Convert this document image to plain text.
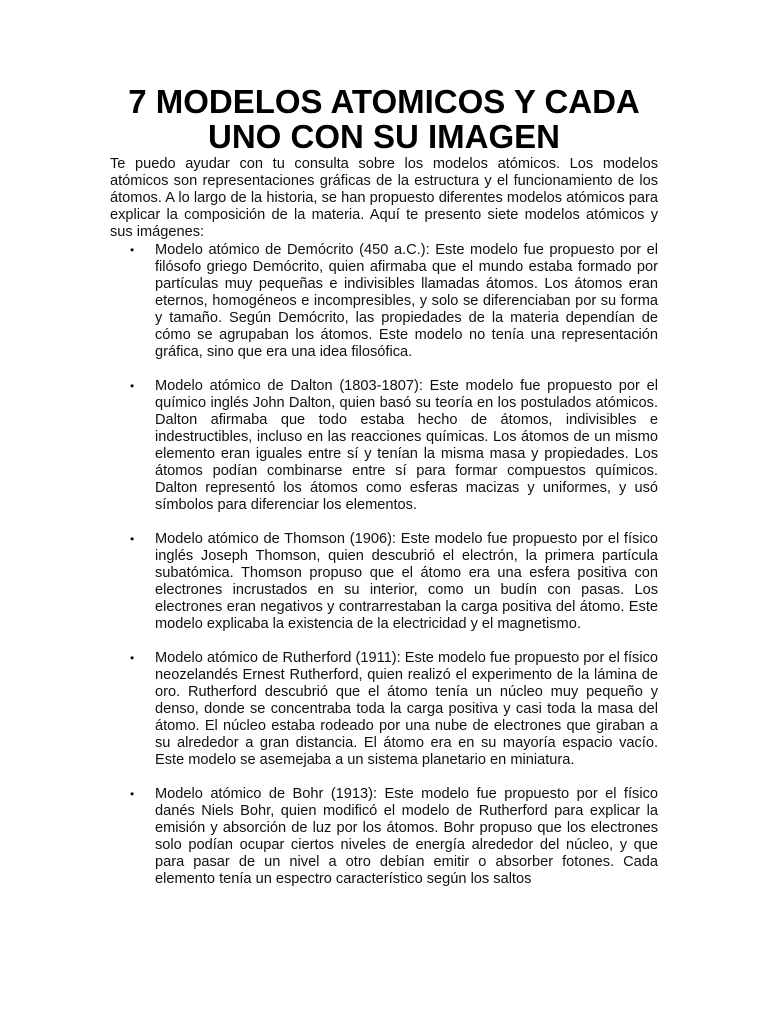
7 MODELOS ATOMICOS Y CADA
UNO CON SU IMAGEN

Te puedo ayudar con tu consulta sobre los modelos atómicos. Los modelos atómicos son representaciones gráficas de la estructura y el funcionamiento de los átomos. A lo largo de la historia, se han propuesto diferentes modelos atómicos para explicar la composición de la materia. Aquí te presento siete modelos atómicos y sus imágenes:

• Modelo atómico de Demócrito (450 a.C.): Este modelo fue propuesto por el filósofo griego Demócrito, quien afirmaba que el mundo estaba formado por partículas muy pequeñas e indivisibles llamadas átomos. Los átomos eran eternos, homogéneos e incompresibles, y solo se diferenciaban por su forma y tamaño. Según Demócrito, las propiedades de la materia dependían de cómo se agrupaban los átomos. Este modelo no tenía una representación gráfica, sino que era una idea filosófica.
• Modelo atómico de Dalton (1803-1807): Este modelo fue propuesto por el químico inglés John Dalton, quien basó su teoría en los postulados atómicos. Dalton afirmaba que todo estaba hecho de átomos, indivisibles e indestructibles, incluso en las reacciones químicas. Los átomos de un mismo elemento eran iguales entre sí y tenían la misma masa y propiedades. Los átomos podían combinarse entre sí para formar compuestos químicos. Dalton representó los átomos como esferas macizas y uniformes, y usó símbolos para diferenciar los elementos.
• Modelo atómico de Thomson (1906): Este modelo fue propuesto por el físico inglés Joseph Thomson, quien descubrió el electrón, la primera partícula subatómica. Thomson propuso que el átomo era una esfera positiva con electrones incrustados en su interior, como un budín con pasas. Los electrones eran negativos y contrarrestaban la carga positiva del átomo. Este modelo explicaba la existencia de la electricidad y el magnetismo.
• Modelo atómico de Rutherford (1911): Este modelo fue propuesto por el físico neozelandés Ernest Rutherford, quien realizó el experimento de la lámina de oro. Rutherford descubrió que el átomo tenía un núcleo muy pequeño y denso, donde se concentraba toda la carga positiva y casi toda la masa del átomo. El núcleo estaba rodeado por una nube de electrones que giraban a su alrededor a gran distancia. El átomo era en su mayoría espacio vacío. Este modelo se asemejaba a un sistema planetario en miniatura.
• Modelo atómico de Bohr (1913): Este modelo fue propuesto por el físico danés Niels Bohr, quien modificó el modelo de Rutherford para explicar la emisión y absorción de luz por los átomos. Bohr propuso que los electrones solo podían ocupar ciertos niveles de energía alrededor del núcleo, y que para pasar de un nivel a otro debían emitir o absorber fotones. Cada elemento tenía un espectro característico según los saltos
